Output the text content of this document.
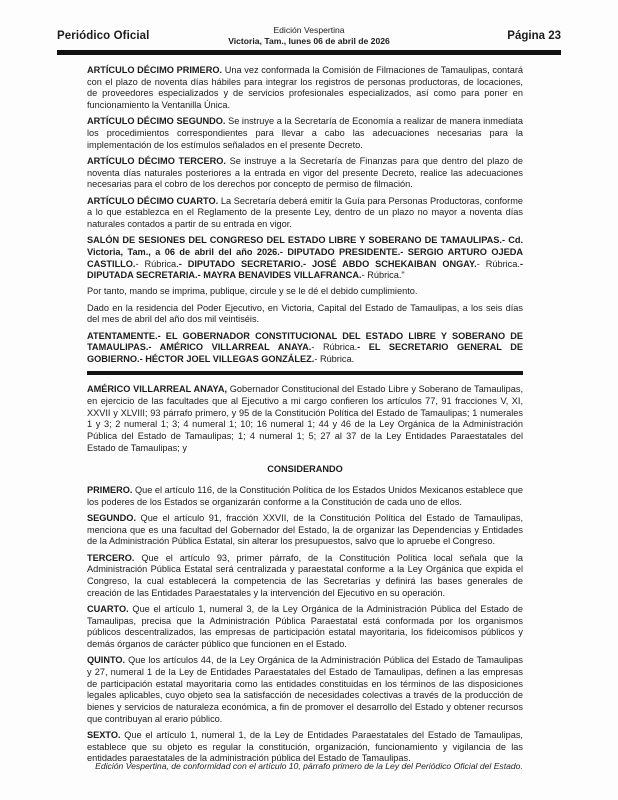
Periódico Oficial	Edición Vespertina
Victoria, Tam., lunes 06 de abril de 2026	Página 23

ARTÍCULO DÉCIMO PRIMERO. Una vez conformada la Comisión de Filmaciones de Tamaulipas, contará con el plazo de noventa días hábiles para integrar los registros de personas productoras, de locaciones, de proveedores especializados y de servicios profesionales especializados, así como para poner en funcionamiento la Ventanilla Única.

ARTÍCULO DÉCIMO SEGUNDO. Se instruye a la Secretaría de Economía a realizar de manera inmediata los procedimientos correspondientes para llevar a cabo las adecuaciones necesarias para la implementación de los estímulos señalados en el presente Decreto.

ARTÍCULO DÉCIMO TERCERO. Se instruye a la Secretaría de Finanzas para que dentro del plazo de noventa días naturales posteriores a la entrada en vigor del presente Decreto, realice las adecuaciones necesarias para el cobro de los derechos por concepto de permiso de filmación.

ARTÍCULO DÉCIMO CUARTO. La Secretaría deberá emitir la Guía para Personas Productoras, conforme a lo que establezca en el Reglamento de la presente Ley, dentro de un plazo no mayor a noventa días naturales contados a partir de su entrada en vigor.

SALÓN DE SESIONES DEL CONGRESO DEL ESTADO LIBRE Y SOBERANO DE TAMAULIPAS.- Cd. Victoria, Tam., a 06 de abril del año 2026.- DIPUTADO PRESIDENTE.- SERGIO ARTURO OJEDA CASTILLO.- Rúbrica.- DIPUTADO SECRETARIO.- JOSÉ ABDO SCHEKAIBAN ONGAY.- Rúbrica.- DIPUTADA SECRETARIA.- MAYRA BENAVIDES VILLAFRANCA.- Rúbrica."

Por tanto, mando se imprima, publique, circule y se le dé el debido cumplimiento.

Dado en la residencia del Poder Ejecutivo, en Victoria, Capital del Estado de Tamaulipas, a los seis días del mes de abril del año dos mil veintiséis.

ATENTAMENTE.- EL GOBERNADOR CONSTITUCIONAL DEL ESTADO LIBRE Y SOBERANO DE TAMAULIPAS.- AMÉRICO VILLARREAL ANAYA.- Rúbrica.- EL SECRETARIO GENERAL DE GOBIERNO.- HÉCTOR JOEL VILLEGAS GONZÁLEZ.- Rúbrica.

AMÉRICO VILLARREAL ANAYA, Gobernador Constitucional del Estado Libre y Soberano de Tamaulipas, en ejercicio de las facultades que al Ejecutivo a mi cargo confieren los artículos 77, 91 fracciones V, XI, XXVII y XLVIII; 93 párrafo primero, y 95 de la Constitución Política del Estado de Tamaulipas; 1 numerales 1 y 3; 2 numeral 1; 3; 4 numeral 1; 10; 16 numeral 1; 44 y 46 de la Ley Orgánica de la Administración Pública del Estado de Tamaulipas; 1; 4 numeral 1; 5; 27 al 37 de la Ley Entidades Paraestatales del Estado de Tamaulipas; y

CONSIDERANDO

PRIMERO. Que el artículo 116, de la Constitución Política de los Estados Unidos Mexicanos establece que los poderes de los Estados se organizarán conforme a la Constitución de cada uno de ellos.

SEGUNDO. Que el artículo 91, fracción XXVII, de la Constitución Política del Estado de Tamaulipas, menciona que es una facultad del Gobernador del Estado, la de organizar las Dependencias y Entidades de la Administración Pública Estatal, sin alterar los presupuestos, salvo que lo apruebe el Congreso.

TERCERO. Que el artículo 93, primer párrafo, de la Constitución Política local señala que la Administración Pública Estatal será centralizada y paraestatal conforme a la Ley Orgánica que expida el Congreso, la cual establecerá la competencia de las Secretarías y definirá las bases generales de creación de las Entidades Paraestatales y la intervención del Ejecutivo en su operación.

CUARTO. Que el artículo 1, numeral 3, de la Ley Orgánica de la Administración Pública del Estado de Tamaulipas, precisa que la Administración Pública Paraestatal está conformada por los organismos públicos descentralizados, las empresas de participación estatal mayoritaria, los fideicomisos públicos y demás órganos de carácter público que funcionen en el Estado.

QUINTO. Que los artículos 44, de la Ley Orgánica de la Administración Pública del Estado de Tamaulipas y 27, numeral 1 de la Ley de Entidades Paraestatales del Estado de Tamaulipas, definen a las empresas de participación estatal mayoritaria como las entidades constituidas en los términos de las disposiciones legales aplicables, cuyo objeto sea la satisfacción de necesidades colectivas a través de la producción de bienes y servicios de naturaleza económica, a fin de promover el desarrollo del Estado y obtener recursos que contribuyan al erario público.

SEXTO. Que el artículo 1, numeral 1, de la Ley de Entidades Paraestatales del Estado de Tamaulipas, establece que su objeto es regular la constitución, organización, funcionamiento y vigilancia de las entidades paraestatales de la administración pública del Estado de Tamaulipas.

Edición Vespertina, de conformidad con el artículo 10, párrafo primero de la Ley del Periódico Oficial del Estado.
